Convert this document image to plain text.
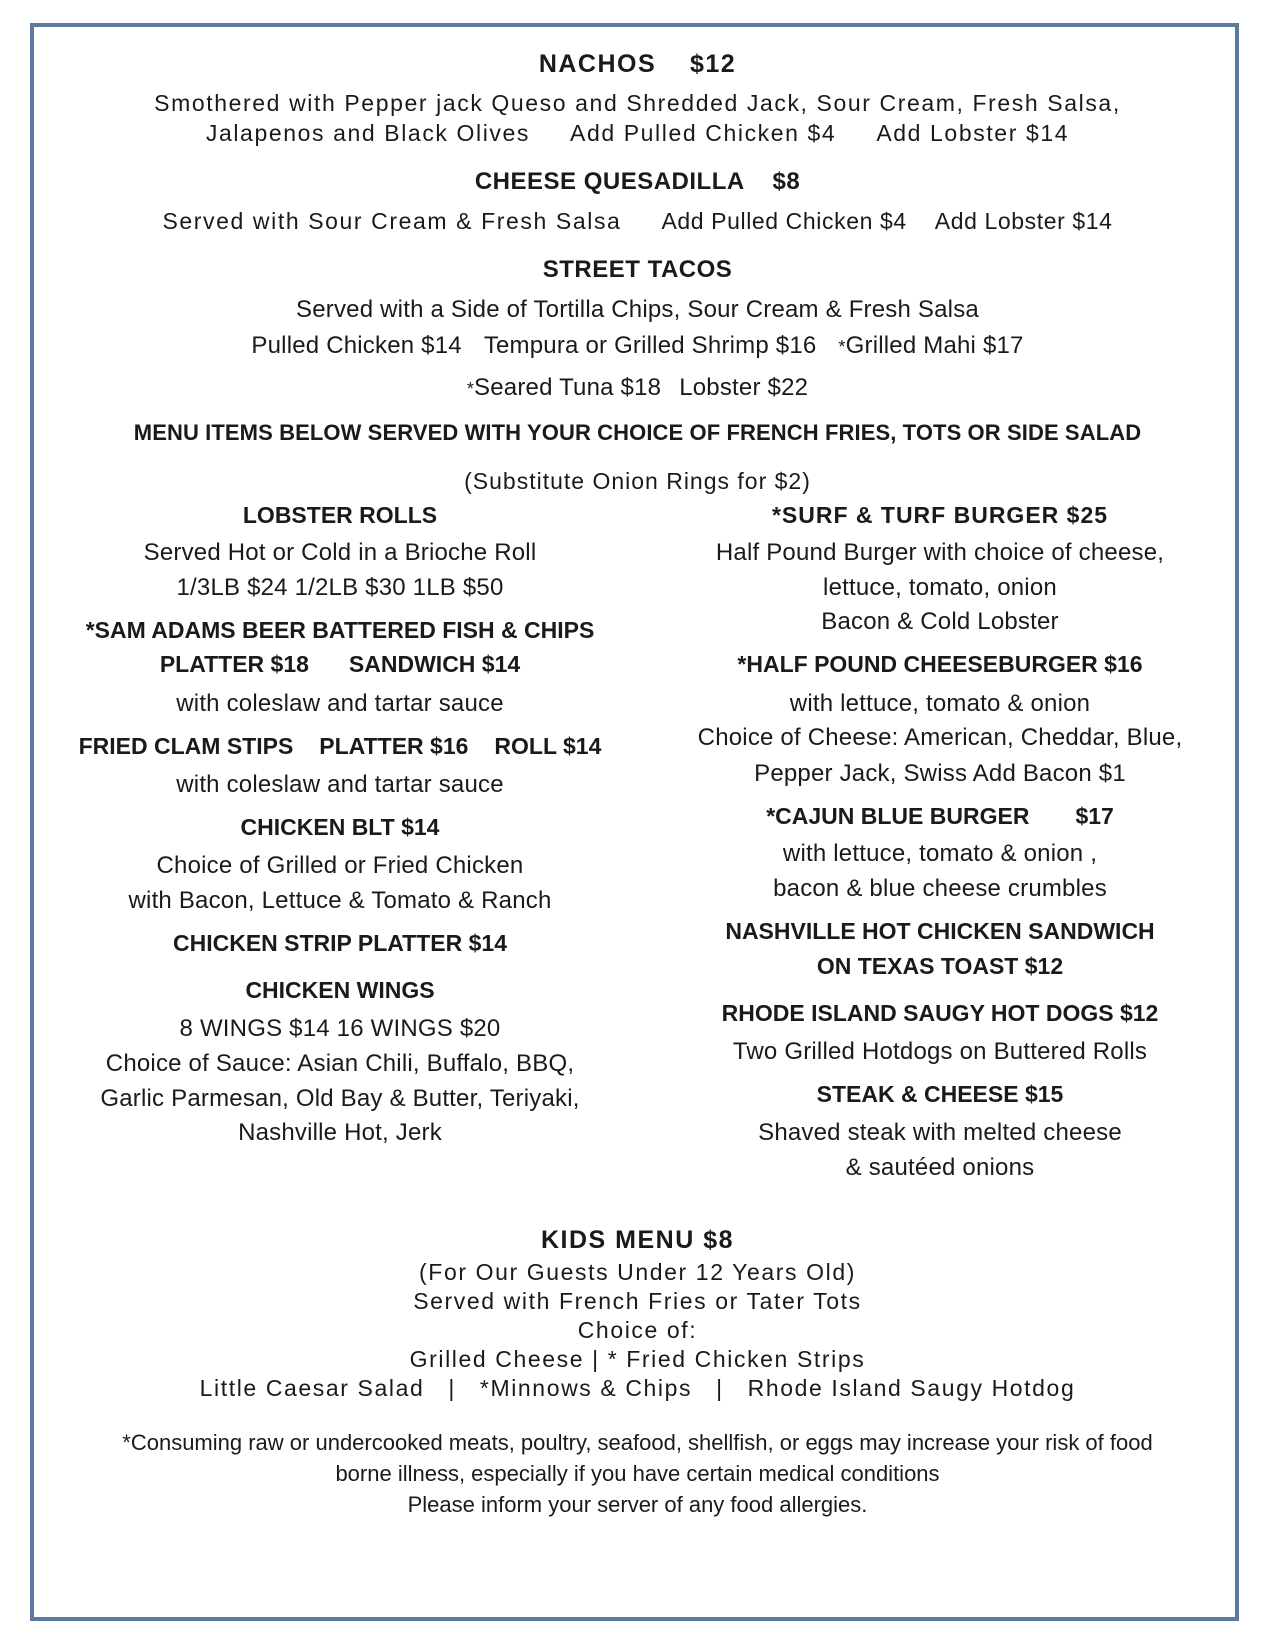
NACHOS    $12
Smothered with Pepper jack Queso and Shredded Jack, Sour Cream, Fresh Salsa,
Jalapenos and Black Olives Add Pulled Chicken $4 Add Lobster $14
CHEESE QUESADILLA    $8
Served with Sour Cream & Fresh Salsa Add Pulled Chicken $4 Add Lobster $14
STREET TACOS
Served with a Side of Tortilla Chips, Sour Cream & Fresh Salsa
Pulled Chicken $14 Tempura or Grilled Shrimp $16 *Grilled Mahi $17
*Seared Tuna $18 Lobster $22
MENU ITEMS BELOW SERVED WITH YOUR CHOICE OF FRENCH FRIES, TOTS OR SIDE SALAD
(Substitute Onion Rings for $2)
LOBSTER ROLLS
Served Hot or Cold in a Brioche Roll
1/3LB $24 1/2LB $30 1LB $50
*SAM ADAMS BEER BATTERED FISH & CHIPS
PLATTER $18 SANDWICH $14
with coleslaw and tartar sauce
FRIED CLAM STIPS PLATTER $16 ROLL $14
with coleslaw and tartar sauce
CHICKEN BLT $14
Choice of Grilled or Fried Chicken
with Bacon, Lettuce & Tomato & Ranch
CHICKEN STRIP PLATTER $14
CHICKEN WINGS
8 WINGS $14 16 WINGS $20
Choice of Sauce: Asian Chili, Buffalo, BBQ,
Garlic Parmesan, Old Bay & Butter, Teriyaki,
Nashville Hot, Jerk
*SURF & TURF BURGER $25
Half Pound Burger with choice of cheese,
lettuce, tomato, onion
Bacon & Cold Lobster
*HALF POUND CHEESEBURGER $16
with lettuce, tomato & onion
Choice of Cheese: American, Cheddar, Blue,
Pepper Jack, Swiss Add Bacon $1
*CAJUN BLUE BURGER $17
with lettuce, tomato & onion ,
bacon & blue cheese crumbles
NASHVILLE HOT CHICKEN SANDWICH
ON TEXAS TOAST $12
RHODE ISLAND SAUGY HOT DOGS $12
Two Grilled Hotdogs on Buttered Rolls
STEAK & CHEESE $15
Shaved steak with melted cheese
& sautéed onions
KIDS MENU $8
(For Our Guests Under 12 Years Old)
Served with French Fries or Tater Tots
Choice of:
Grilled Cheese | * Fried Chicken Strips
Little Caesar Salad   |   *Minnows & Chips   |   Rhode Island Saugy Hotdog
*Consuming raw or undercooked meats, poultry, seafood, shellfish, or eggs may increase your risk of food
borne illness, especially if you have certain medical conditions
Please inform your server of any food allergies.
